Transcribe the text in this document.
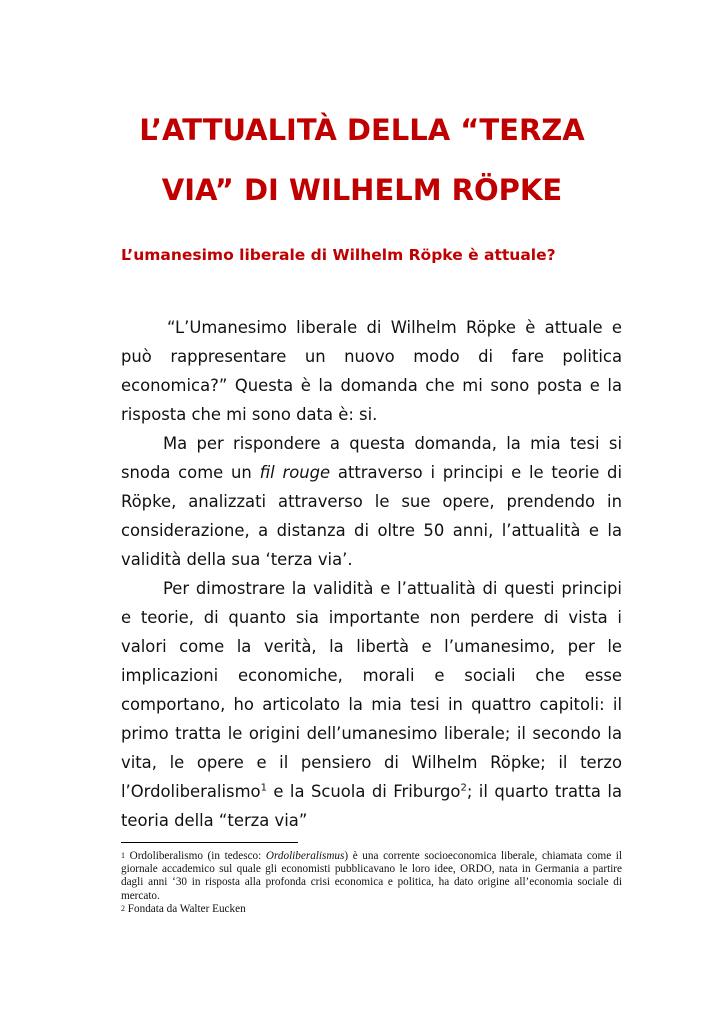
L’ATTUALITÀ DELLA “TERZA
VIA” DI WILHELM RÖPKE
L’umanesimo liberale di Wilhelm Röpke è attuale?

“L’Umanesimo liberale di Wilhelm Röpke è attuale e può rappresentare un nuovo modo di fare politica economica?” Questa è la domanda che mi sono posta e la risposta che mi sono data è: si.

Ma per rispondere a questa domanda, la mia tesi si snoda come un fil rouge attraverso i principi e le teorie di Röpke, analizzati attraverso le sue opere, prendendo in considerazione, a distanza di oltre 50 anni, l’attualità e la validità della sua ‘terza via’.

Per dimostrare la validità e l’attualità di questi principi e teorie, di quanto sia importante non perdere di vista i valori come la verità, la libertà e l’umanesimo, per le implicazioni economiche, morali e sociali che esse comportano, ho articolato la mia tesi in quattro capitoli: il primo tratta le origini dell’umanesimo liberale; il secondo la vita, le opere e il pensiero di Wilhelm Röpke; il terzo l’Ordoliberalismo$^1$ e la Scuola di Friburgo$^2$; il quarto tratta la teoria della “terza via”

$^1$ Ordoliberalismo (in tedesco: Ordoliberalismus) è una corrente socioeconomica liberale, chiamata come il giornale accademico sul quale gli economisti pubblicavano le loro idee, ORDO, nata in Germania a partire dagli anni ‘30 in risposta alla profonda crisi economica e politica, ha dato origine all’economia sociale di mercato.

$^2$ Fondata da Walter Eucken
